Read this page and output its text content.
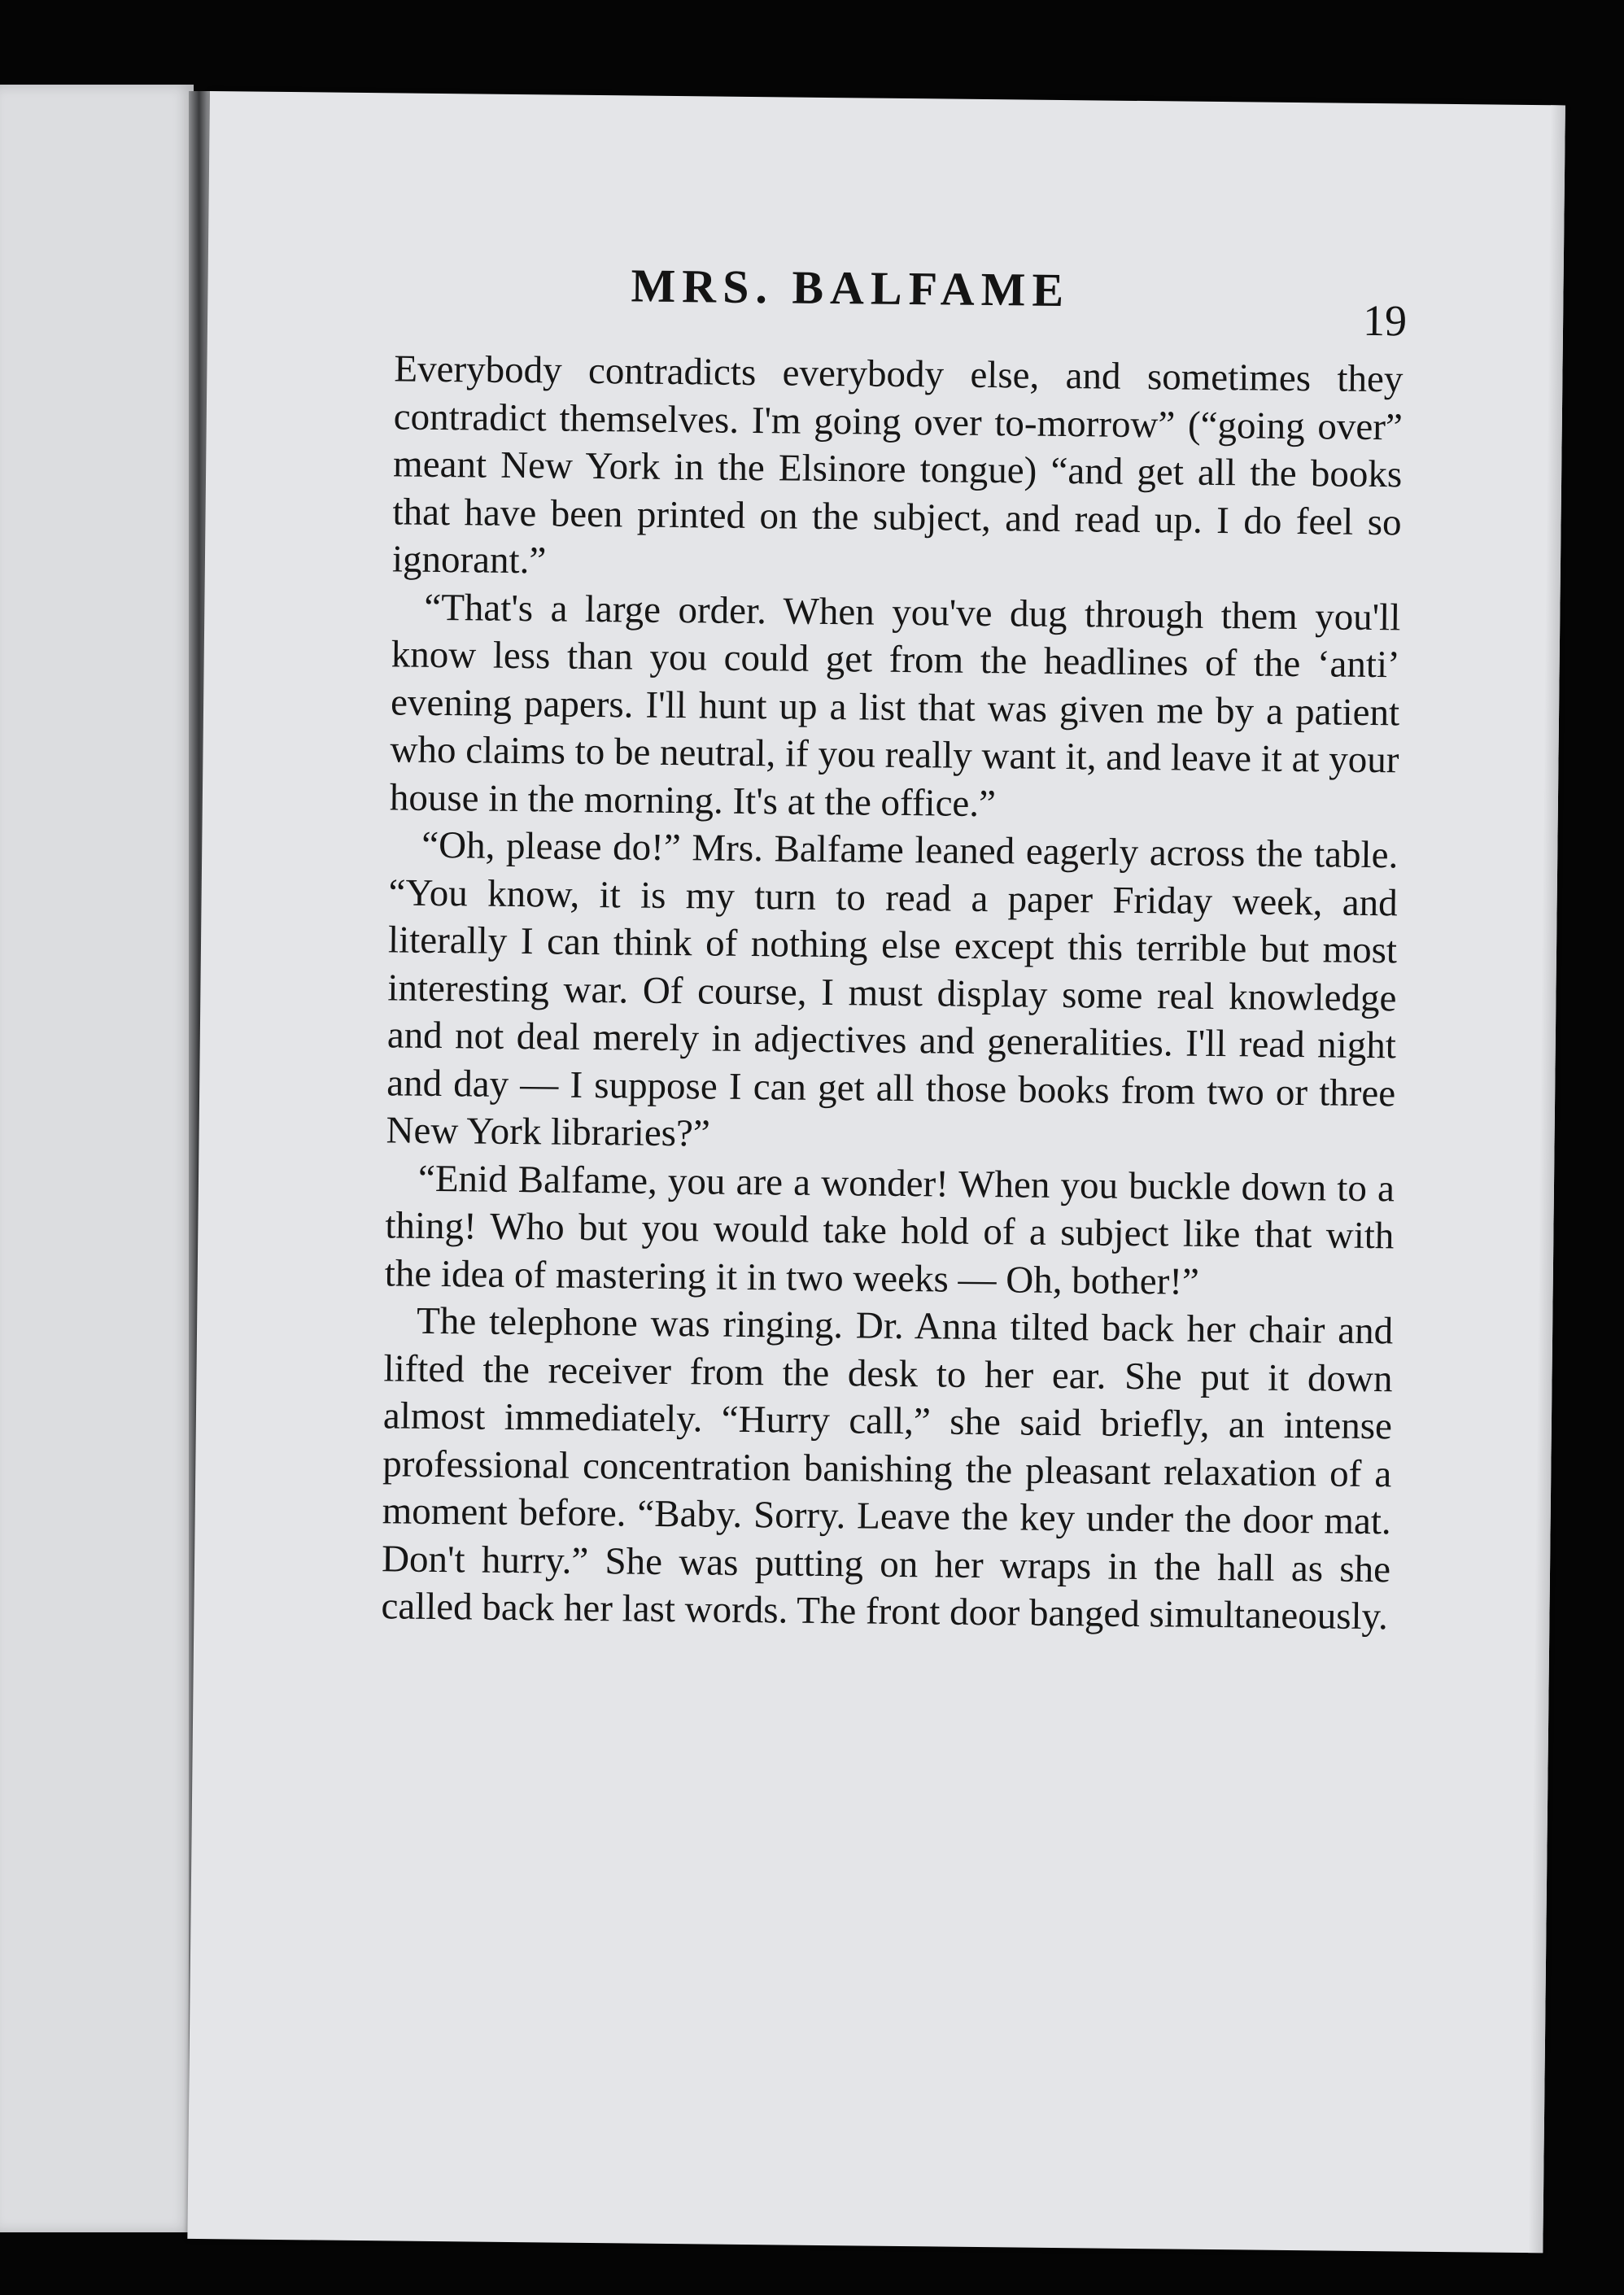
MRS. BALFAME
19

Everybody contradicts everybody else, and sometimes they contradict themselves. I'm going over to-morrow” (“going over” meant New York in the Elsinore tongue) “and get all the books that have been printed on the subject, and read up. I do feel so ignorant.”

“That's a large order. When you've dug through them you'll know less than you could get from the headlines of the ‘anti’ evening papers. I'll hunt up a list that was given me by a patient who claims to be neutral, if you really want it, and leave it at your house in the morning. It's at the office.”

“Oh, please do!” Mrs. Balfame leaned eagerly across the table. “You know, it is my turn to read a paper Friday week, and literally I can think of nothing else except this terrible but most interesting war. Of course, I must display some real knowledge and not deal merely in adjectives and generalities. I'll read night and day — I suppose I can get all those books from two or three New York libraries?”

“Enid Balfame, you are a wonder! When you buckle down to a thing! Who but you would take hold of a subject like that with the idea of mastering it in two weeks — Oh, bother!”

The telephone was ringing. Dr. Anna tilted back her chair and lifted the receiver from the desk to her ear. She put it down almost immediately. “Hurry call,” she said briefly, an intense professional concentration banishing the pleasant relaxation of a moment before. “Baby. Sorry. Leave the key under the door mat. Don't hurry.” She was putting on her wraps in the hall as she called back her last words. The front door banged simultaneously.
